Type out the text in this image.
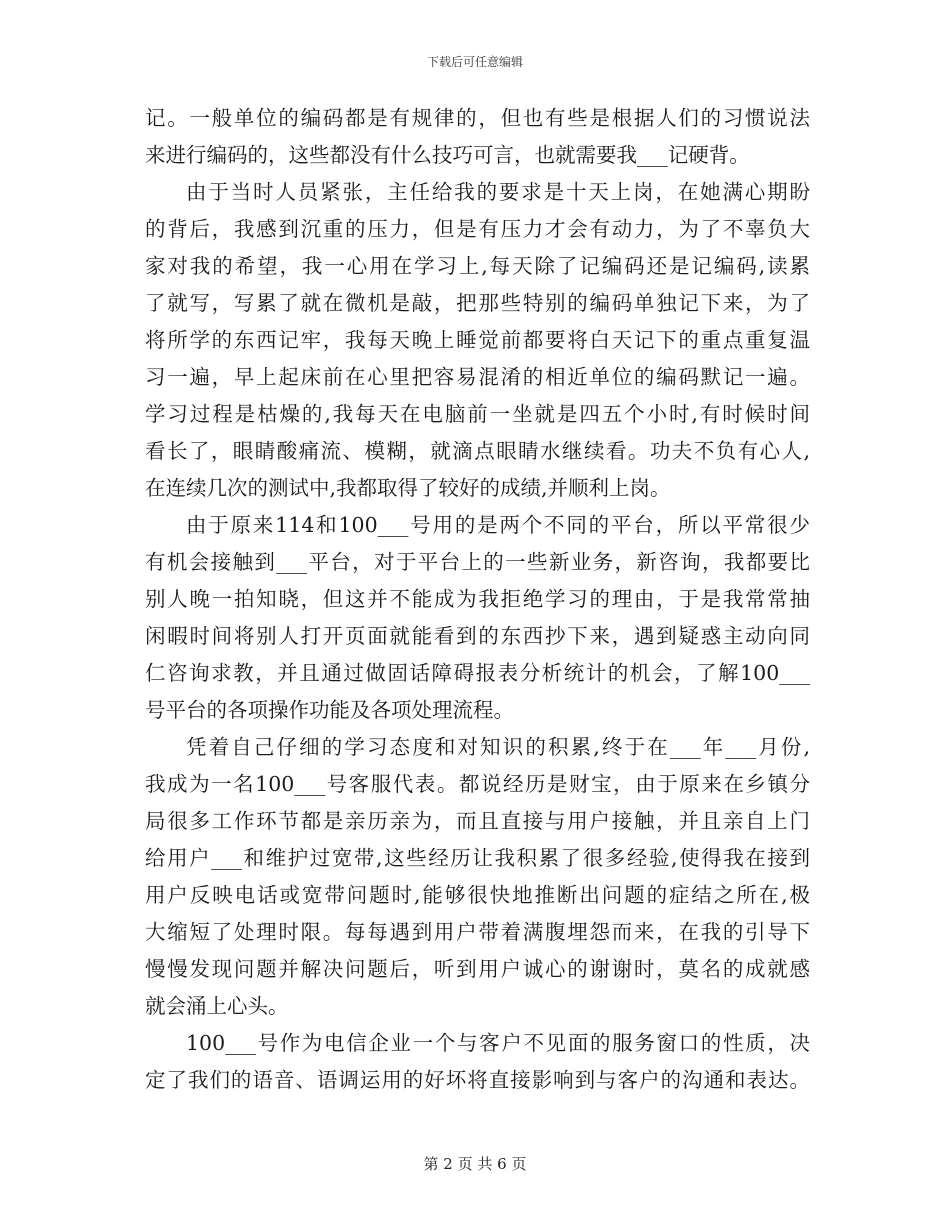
下载后可任意编辑
记。一般单位的编码都是有规律的，但也有些是根据人们的习惯说法
来进行编码的，这些都没有什么技巧可言，也就需要我___记硬背。
由于当时人员紧张，主任给我的要求是十天上岗，在她满心期盼
的背后，我感到沉重的压力，但是有压力才会有动力，为了不辜负大
家对我的希望，我一心用在学习上,每天除了记编码还是记编码,读累
了就写，写累了就在微机是敲，把那些特别的编码单独记下来，为了
将所学的东西记牢，我每天晚上睡觉前都要将白天记下的重点重复温
习一遍，早上起床前在心里把容易混淆的相近单位的编码默记一遍。
学习过程是枯燥的,我每天在电脑前一坐就是四五个小时,有时候时间
看长了，眼睛酸痛流、模糊，就滴点眼睛水继续看。功夫不负有心人,
在连续几次的测试中,我都取得了较好的成绩,并顺利上岗。
由于原来114和100___号用的是两个不同的平台，所以平常很少
有机会接触到___平台，对于平台上的一些新业务，新咨询，我都要比
别人晚一拍知晓，但这并不能成为我拒绝学习的理由，于是我常常抽
闲暇时间将别人打开页面就能看到的东西抄下来，遇到疑惑主动向同
仁咨询求教，并且通过做固话障碍报表分析统计的机会，了解100___
号平台的各项操作功能及各项处理流程。
凭着自己仔细的学习态度和对知识的积累,终于在___年___月份,
我成为一名100___号客服代表。都说经历是财宝，由于原来在乡镇分
局很多工作环节都是亲历亲为，而且直接与用户接触，并且亲自上门
给用户___和维护过宽带,这些经历让我积累了很多经验,使得我在接到
用户反映电话或宽带问题时,能够很快地推断出问题的症结之所在,极
大缩短了处理时限。每每遇到用户带着满腹埋怨而来，在我的引导下
慢慢发现问题并解决问题后，听到用户诚心的谢谢时，莫名的成就感
就会涌上心头。
100___号作为电信企业一个与客户不见面的服务窗口的性质，决
定了我们的语音、语调运用的好坏将直接影响到与客户的沟通和表达。
第 2 页 共 6 页
